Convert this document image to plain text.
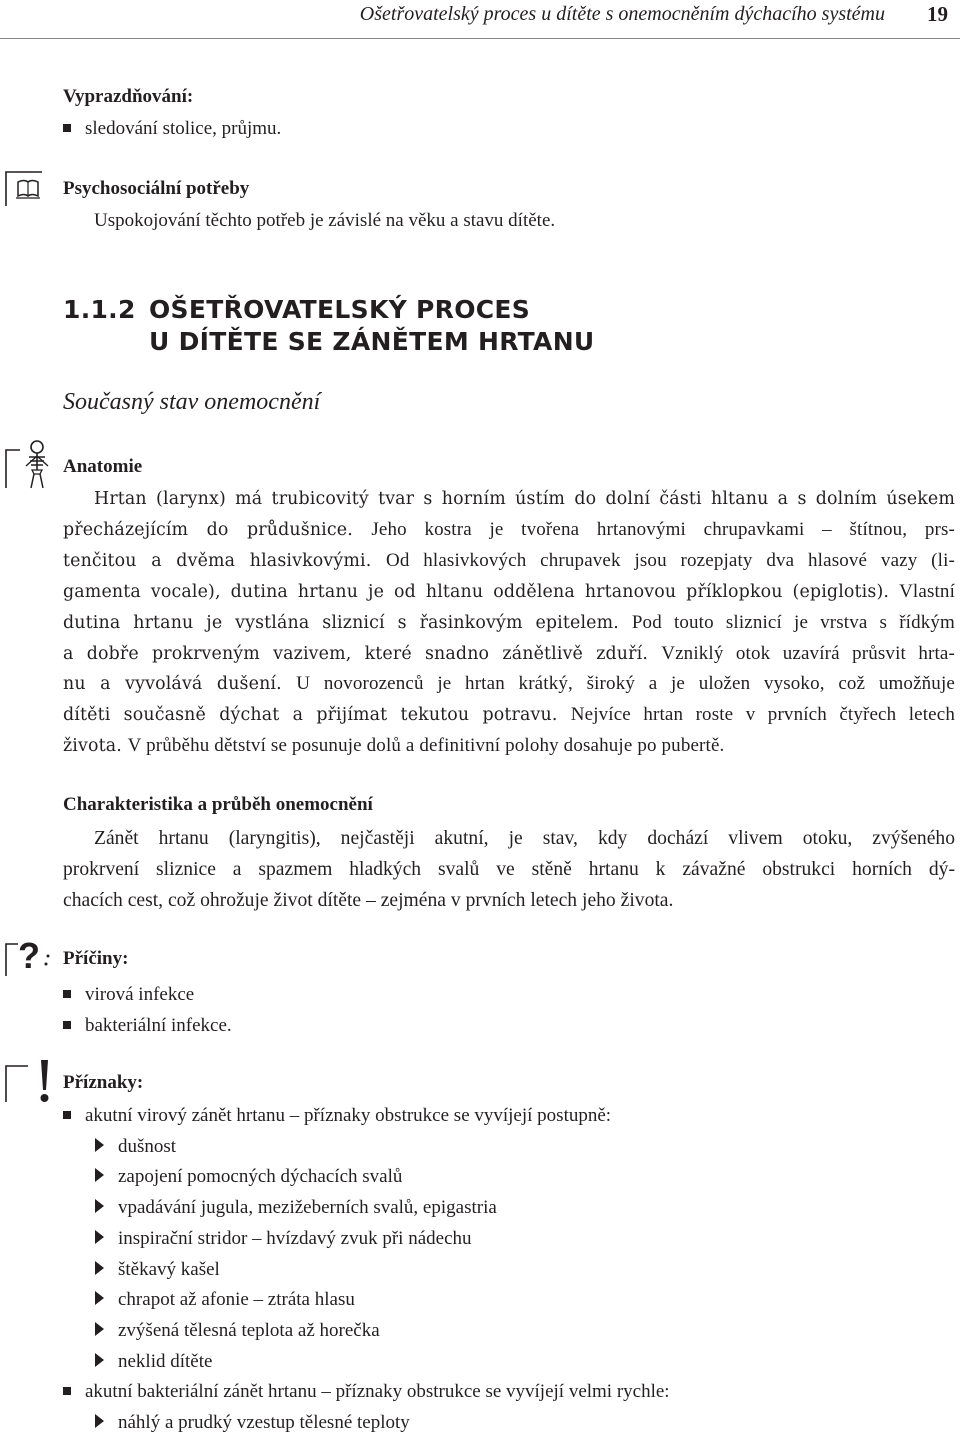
Ošetřovatelský proces u dítěte s onemocněním dýchacího systému 19
Vyprazdňování:
sledování stolice, průjmu.
Psychosociální potřeby
Uspokojování těchto potřeb je závislé na věku a stavu dítěte.
1.1.2 OŠETŘOVATELSKÝ PROCES
U DÍTĚTE SE ZÁNĚTEM HRTANU
Současný stav onemocnění
Anatomie
Hrtan (larynx) má trubicovitý tvar s horním ústím do dolní části hltanu a s dolním úsekem
přecházejícím do průdušnice. Jeho kostra je tvořena hrtanovými chrupavkami – štítnou, prs-
tenčitou a dvěma hlasivkovými. Od hlasivkových chrupavek jsou rozepjaty dva hlasové vazy (li-
gamenta vocale), dutina hrtanu je od hltanu oddělena hrtanovou příklopkou (epiglotis). Vlastní
dutina hrtanu je vystlána sliznicí s řasinkovým epitelem. Pod touto sliznicí je vrstva s řídkým
a dobře prokrveným vazivem, které snadno zánětlivě zduří. Vzniklý otok uzavírá průsvit hrta-
nu a vyvolává dušení. U novorozenců je hrtan krátký, široký a je uložen vysoko, což umožňuje
dítěti současně dýchat a přijímat tekutou potravu. Nejvíce hrtan roste v prvních čtyřech letech
života. V průběhu dětství se posunuje dolů a definitivní polohy dosahuje po pubertě.
Charakteristika a průběh onemocnění
Zánět hrtanu (laryngitis), nejčastěji akutní, je stav, kdy dochází vlivem otoku, zvýšeného
prokrvení sliznice a spazmem hladkých svalů ve stěně hrtanu k závažné obstrukci horních dý-
chacích cest, což ohrožuje život dítěte – zejména v prvních letech jeho života.
? Příčiny:
virová infekce
bakteriální infekce.
Příznaky:
akutní virový zánět hrtanu – příznaky obstrukce se vyvíjejí postupně:
dušnost
zapojení pomocných dýchacích svalů
vpadávání jugula, mezižeberních svalů, epigastria
inspirační stridor – hvízdavý zvuk při nádechu
štěkavý kašel
chrapot až afonie – ztráta hlasu
zvýšená tělesná teplota až horečka
neklid dítěte
akutní bakteriální zánět hrtanu – příznaky obstrukce se vyvíjejí velmi rychle:
náhlý a prudký vzestup tělesné teploty
